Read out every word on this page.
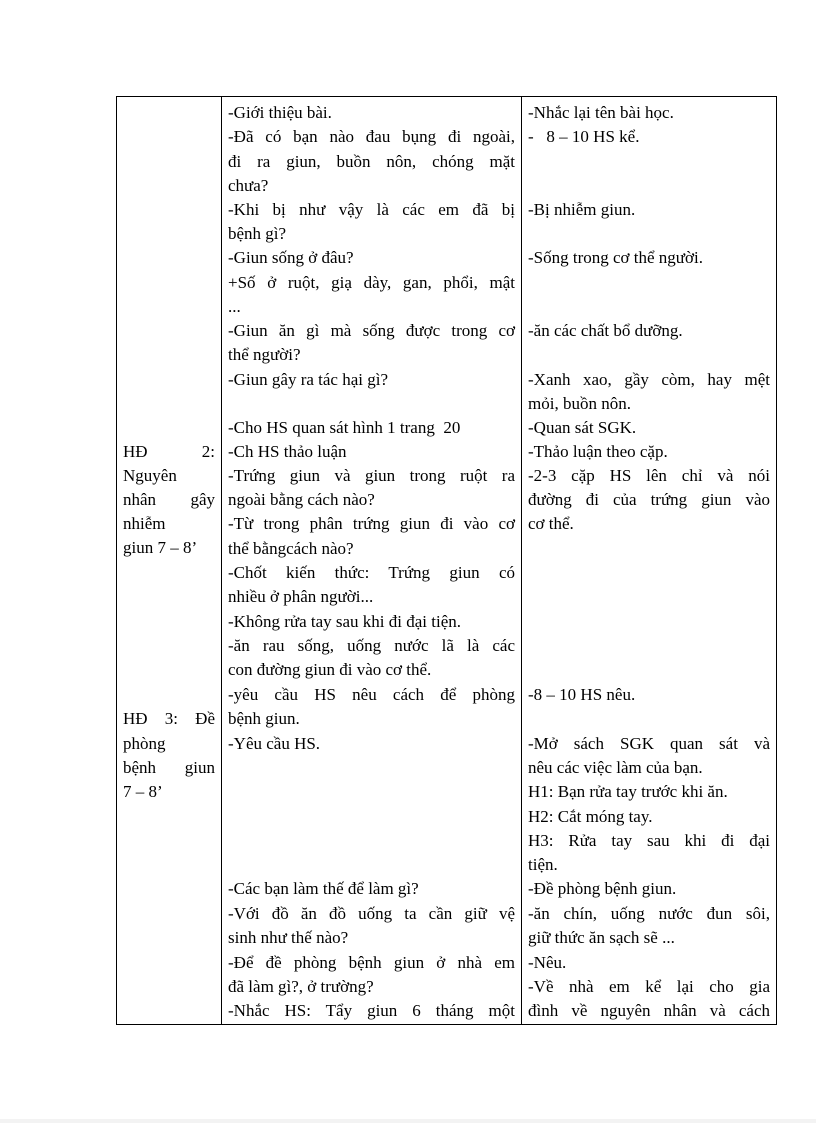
HĐ 2:
Nguyên
nhân gây
nhiễm
giun 7 – 8’
HĐ 3: Đề
phòng
bệnh giun
7 – 8’
-Giới thiệu bài.
-Đã có bạn nào đau bụng đi ngoài,
đi ra giun, buồn nôn, chóng mặt
chưa?
-Khi bị như vậy là các em đã bị
bệnh gì?
-Giun sống ở đâu?
+Số ở ruột, giạ dày, gan, phổi, mật
...
-Giun ăn gì mà sống được trong cơ
thể người?
-Giun gây ra tác hại gì?
-Cho HS quan sát hình 1 trang  20
-Ch HS thảo luận
-Trứng giun và giun trong ruột ra
ngoài bằng cách nào?
-Từ trong phân trứng giun đi vào cơ
thể bằngcách nào?
-Chốt kiến thức: Trứng giun có
nhiều ở phân người...
-Không rửa tay sau khi đi đại tiện.
-ăn rau sống, uống nước lã là các
con đường giun đi vào cơ thể.
-yêu cầu HS nêu cách để phòng
bệnh giun.
-Yêu cầu HS.
-Các bạn làm thế để làm gì?
-Với đồ ăn đồ uống ta cần giữ vệ
sinh như thế nào?
-Để đề phòng bệnh giun ở nhà em
đã làm gì?, ở trường?
-Nhắc HS: Tẩy giun 6 tháng một
-Nhắc lại tên bài học.
-   8 – 10 HS kể.
-Bị nhiễm giun.
-Sống trong cơ thể người.
-ăn các chất bổ dưỡng.
-Xanh xao, gầy còm, hay mệt
mỏi, buồn nôn.
-Quan sát SGK.
-Thảo luận theo cặp.
-2-3 cặp HS lên chỉ và nói
đường đi của trứng giun vào
cơ thể.
-8 – 10 HS nêu.
-Mở sách SGK quan sát và
nêu các việc làm của bạn.
H1: Bạn rửa tay trước khi ăn.
H2: Cắt móng tay.
H3: Rửa tay sau khi đi đại
tiện.
-Đề phòng bệnh giun.
-ăn chín, uống nước đun sôi,
giữ thức ăn sạch sẽ ...
-Nêu.
-Về nhà em kể lại cho gia
đình về nguyên nhân và cách
